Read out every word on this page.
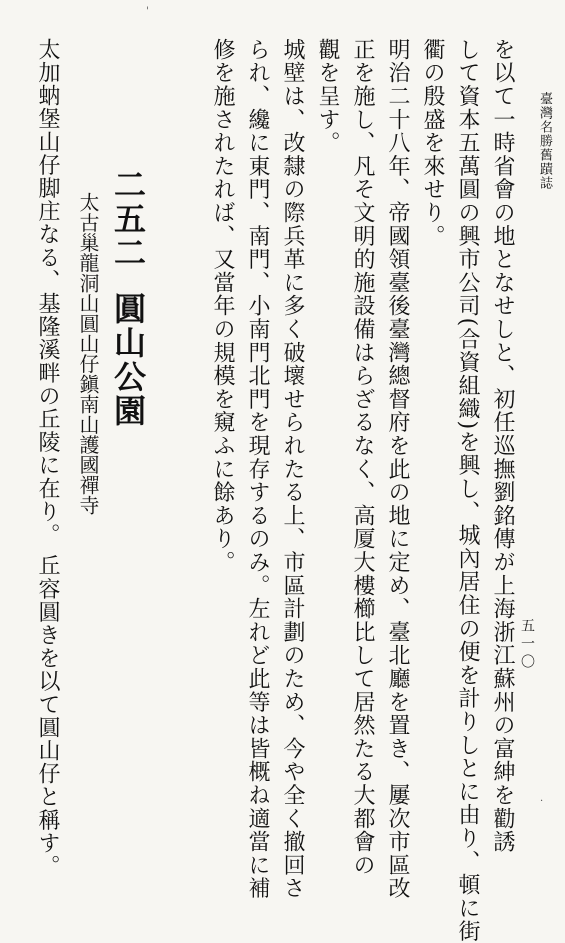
臺灣名勝舊蹟誌
五一〇
を以て一時省會の地となせしと、初任巡撫劉銘傳が上海浙江蘇州の富紳を勸誘
して資本五萬圓の興市公司(合資組織)を興し、城內居住の便を計りしとに由り、頓に街
衢の殷盛を來せり。
明治二十八年、帝國領臺後臺灣總督府を此の地に定め、臺北廳を置き、屢次市區改
正を施し、凡そ文明的施設備はらざるなく、高厦大樓櫛比して居然たる大都會の
觀を呈す。
城壁は、改隸の際兵革に多く破壞せられたる上、市區計劃のため、今や全く撤回さ
られ、纔に東門、南門、小南門北門を現存するのみ。左れど此等は皆概ね適當に補
修を施されたれば、又當年の規模を窺ふに餘あり。
二五二
圓山公園
太古巢龍洞山圓山仔鎭南山護國禪寺
太加蚋堡山仔脚庄なる、基隆溪畔の丘陵に在り。 丘容圓きを以て圓山仔と稱す。
'
·
